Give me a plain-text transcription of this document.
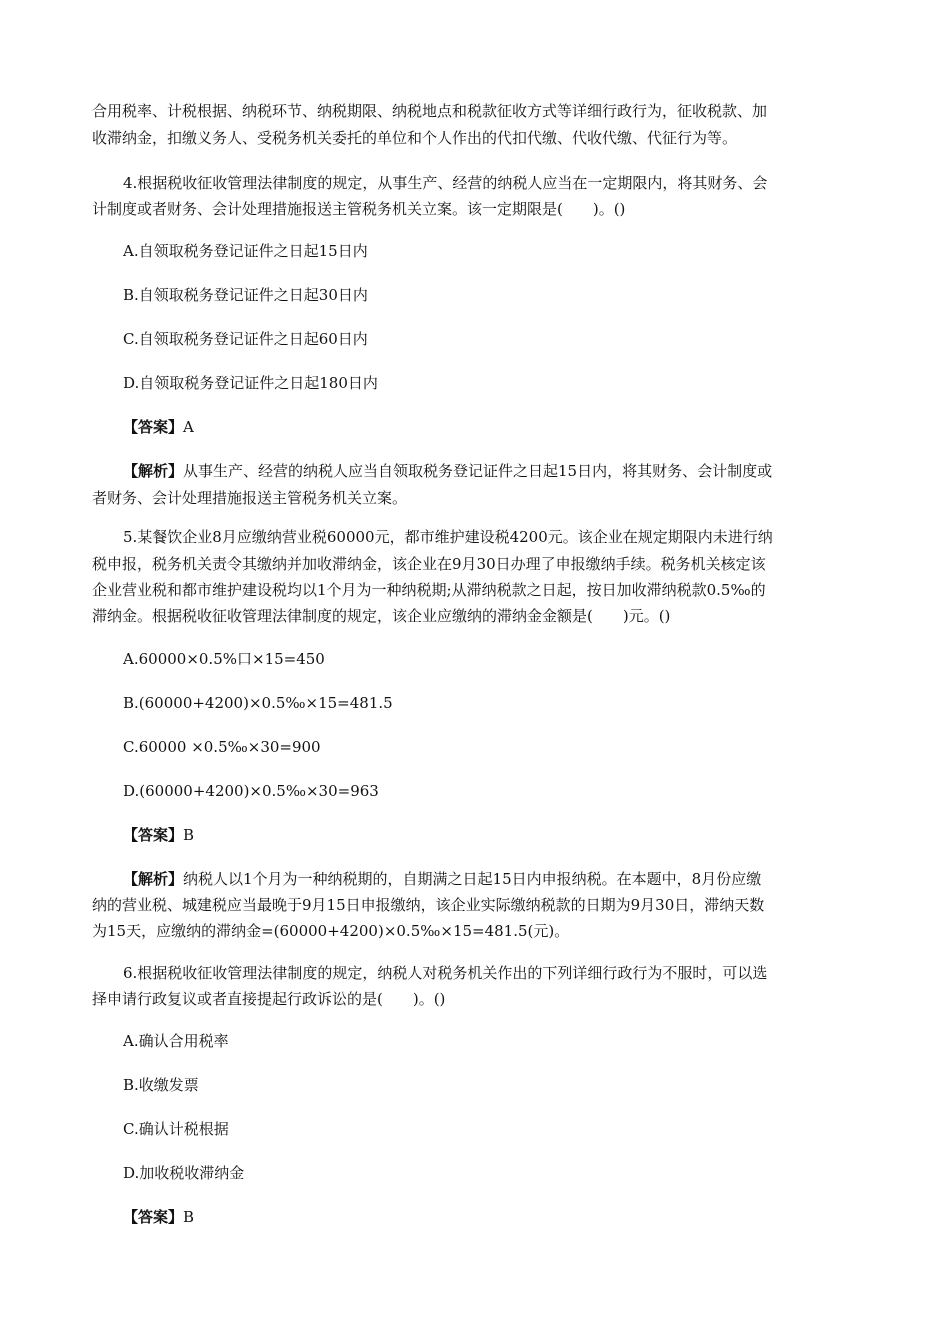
合用税率、计税根据、纳税环节、纳税期限、纳税地点和税款征收方式等详细行政行为，征收税款、加
收滞纳金，扣缴义务人、受税务机关委托的单位和个人作出的代扣代缴、代收代缴、代征行为等。
4.根据税收征收管理法律制度的规定，从事生产、经营的纳税人应当在一定期限内，将其财务、会
计制度或者财务、会计处理措施报送主管税务机关立案。该一定期限是(　　)。()
A.自领取税务登记证件之日起15日内
B.自领取税务登记证件之日起30日内
C.自领取税务登记证件之日起60日内
D.自领取税务登记证件之日起180日内
【答案】A
【解析】从事生产、经营的纳税人应当自领取税务登记证件之日起15日内，将其财务、会计制度或
者财务、会计处理措施报送主管税务机关立案。
5.某餐饮企业8月应缴纳营业税60000元，都市维护建设税4200元。该企业在规定期限内未进行纳
税申报，税务机关责令其缴纳并加收滞纳金，该企业在9月30日办理了申报缴纳手续。税务机关核定该
企业营业税和都市维护建设税均以1个月为一种纳税期;从滞纳税款之日起，按日加收滞纳税款0.5‰的
滞纳金。根据税收征收管理法律制度的规定，该企业应缴纳的滞纳金金额是(　　)元。()
A.60000×0.5%口×15=450
B.(60000+4200)×0.5‰×15=481.5
C.60000 ×0.5‰×30=900
D.(60000+4200)×0.5‰×30=963
【答案】B
【解析】纳税人以1个月为一种纳税期的，自期满之日起15日内申报纳税。在本题中，8月份应缴
纳的营业税、城建税应当最晚于9月15日申报缴纳，该企业实际缴纳税款的日期为9月30日，滞纳天数
为15天，应缴纳的滞纳金=(60000+4200)×0.5‰×15=481.5(元)。
6.根据税收征收管理法律制度的规定，纳税人对税务机关作出的下列详细行政行为不服时，可以选
择申请行政复议或者直接提起行政诉讼的是(　　)。()
A.确认合用税率
B.收缴发票
C.确认计税根据
D.加收税收滞纳金
【答案】B
